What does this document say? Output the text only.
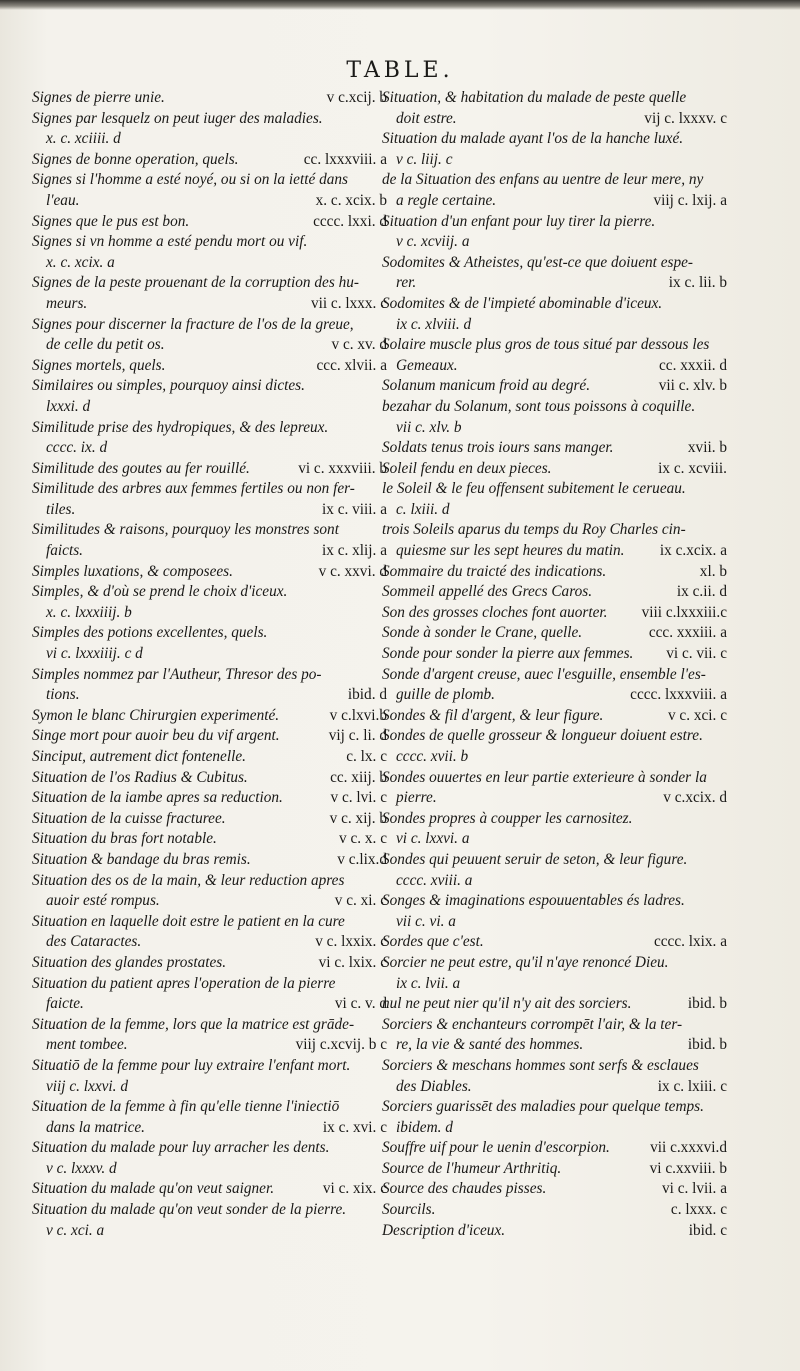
TABLE.
Signes de pierre unie.	v c.xcij. b
Signes par lesquelz on peut iuger des maladies.
x. c. xciiii. d
Signes de bonne operation, quels.	cc. lxxxviii. a
Signes si l'homme a esté noyé, ou si on la ietté dans
l'eau.	x. c. xcix. b
Signes que le pus est bon.	cccc. lxxi. d
Signes si vn homme a esté pendu mort ou vif.
x. c. xcix. a
Signes de la peste prouenant de la corruption des hu-
meurs.	vii c. lxxx. c
Signes pour discerner la fracture de l'os de la greue,
de celle du petit os.	v c. xv. d
Signes mortels, quels.	ccc. xlvii. a
Similaires ou simples, pourquoy ainsi dictes.
lxxxi. d
Similitude prise des hydropiques, & des lepreux.
cccc. ix. d
Similitude des goutes au fer rouillé.	vi c. xxxviii. b
Similitude des arbres aux femmes fertiles ou non fer-
tiles.	ix c. viii. a
Similitudes & raisons, pourquoy les monstres sont
faicts.	ix c. xlij. a
Simples luxations, & composees.	v c. xxvi. d
Simples, & d'où se prend le choix d'iceux.
x. c. lxxxiiij. b
Simples des potions excellentes, quels.
vi c. lxxxiiij. c d
Simples nommez par l'Autheur, Thresor des po-
tions.	ibid. d
Symon le blanc Chirurgien experimenté.	v c.lxvi.b
Singe mort pour auoir beu du vif argent.	vij c. li. d
Sinciput, autrement dict fontenelle.	c. lx. c
Situation de l'os Radius & Cubitus.	cc. xiij. b
Situation de la iambe apres sa reduction.	v c. lvi. c
Situation de la cuisse fracturee.	v c. xij. b
Situation du bras fort notable.	v c. x. c
Situation & bandage du bras remis.	v c.lix.d
Situation des os de la main, & leur reduction apres
auoir esté rompus.	v c. xi. c
Situation en laquelle doit estre le patient en la cure
des Cataractes.	v c. lxxix. c
Situation des glandes prostates.	vi c. lxix. c
Situation du patient apres l'operation de la pierre
faicte.	vi c. v. d
Situation de la femme, lors que la matrice est grāde-
ment tombee.	viij c.xcvij. b c
Situatiō de la femme pour luy extraire l'enfant mort.
viij c. lxxvi. d
Situation de la femme à fin qu'elle tienne l'iniectiō
dans la matrice.	ix c. xvi. c
Situation du malade pour luy arracher les dents.
v c. lxxxv. d
Situation du malade qu'on veut saigner.	vi c. xix. c
Situation du malade qu'on veut sonder de la pierre.
v c. xci. a
Situation, & habitation du malade de peste quelle
doit estre.	vij c. lxxxv. c
Situation du malade ayant l'os de la hanche luxé.
v c. liij. c
de la Situation des enfans au uentre de leur mere, ny
a regle certaine.	viij c. lxij. a
Situation d'un enfant pour luy tirer la pierre.
v c. xcviij. a
Sodomites & Atheistes, qu'est-ce que doiuent espe-
rer.	ix c. lii. b
Sodomites & de l'impieté abominable d'iceux.
ix c. xlviii. d
Solaire muscle plus gros de tous situé par dessous les
Gemeaux.	cc. xxxii. d
Solanum manicum froid au degré.	vii c. xlv. b
bezahar du Solanum, sont tous poissons à coquille.
vii c. xlv. b
Soldats tenus trois iours sans manger.	xvii. b
Soleil fendu en deux pieces.	ix c. xcviii.
le Soleil & le feu offensent subitement le cerueau.
c. lxiii. d
trois Soleils aparus du temps du Roy Charles cin-
quiesme sur les sept heures du matin. ix c.xcix. a
Sommaire du traicté des indications.	xl. b
Sommeil appellé des Grecs Caros.	ix c.ii. d
Son des grosses cloches font auorter. viii c.lxxxiii.c
Sonde à sonder le Crane, quelle.	ccc. xxxiii. a
Sonde pour sonder la pierre aux femmes. vi c. vii. c
Sonde d'argent creuse, auec l'esguille, ensemble l'es-
guille de plomb.	cccc. lxxxviii. a
Sondes & fil d'argent, & leur figure.	v c. xci. c
Sondes de quelle grosseur & longueur doiuent estre.
cccc. xvii. b
Sondes ouuertes en leur partie exterieure à sonder la
pierre.	v c.xcix. d
Sondes propres à coupper les carnositez.
vi c. lxxvi. a
Sondes qui peuuent seruir de seton, & leur figure.
cccc. xviii. a
Songes & imaginations espouuentables és ladres.
vii c. vi. a
Sordes que c'est.	cccc. lxix. a
Sorcier ne peut estre, qu'il n'aye renoncé Dieu.
ix c. lvii. a
nul ne peut nier qu'il n'y ait des sorciers.	ibid. b
Sorciers & enchanteurs corrompēt l'air, & la ter-
re, la vie & santé des hommes.	ibid. b
Sorciers & meschans hommes sont serfs & esclaues
des Diables.	ix c. lxiii. c
Sorciers guarissēt des maladies pour quelque temps.
ibidem. d
Souffre uif pour le uenin d'escorpion.	vii c.xxxvi.d
Source de l'humeur Arthritiq.	vi c.xxviii. b
Source des chaudes pisses.	vi c. lvii. a
Sourcils.	c. lxxx. c
Description d'iceux.	ibid. c
